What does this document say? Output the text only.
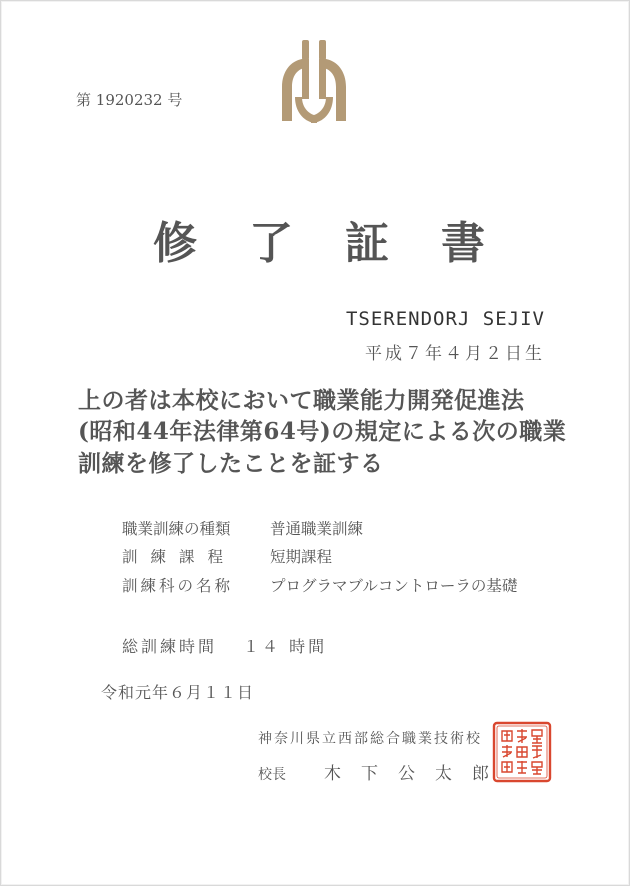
第 1920232 号
修了証書
TSERENDORJ SEJIV
平成７年４月２日生
上の者は本校において職業能力開発促進法
(昭和44年法律第64号)の規定による次の職業
訓練を修了したことを証する
職業訓練の種類	普通職業訓練
訓練課程 短期課程
訓練科の名称 プログラマブルコントローラの基礎
総訓練時間 １４ 時間
令和元年６月１１日
神奈川県立西部総合職業技術校
校長 木下公太郎
